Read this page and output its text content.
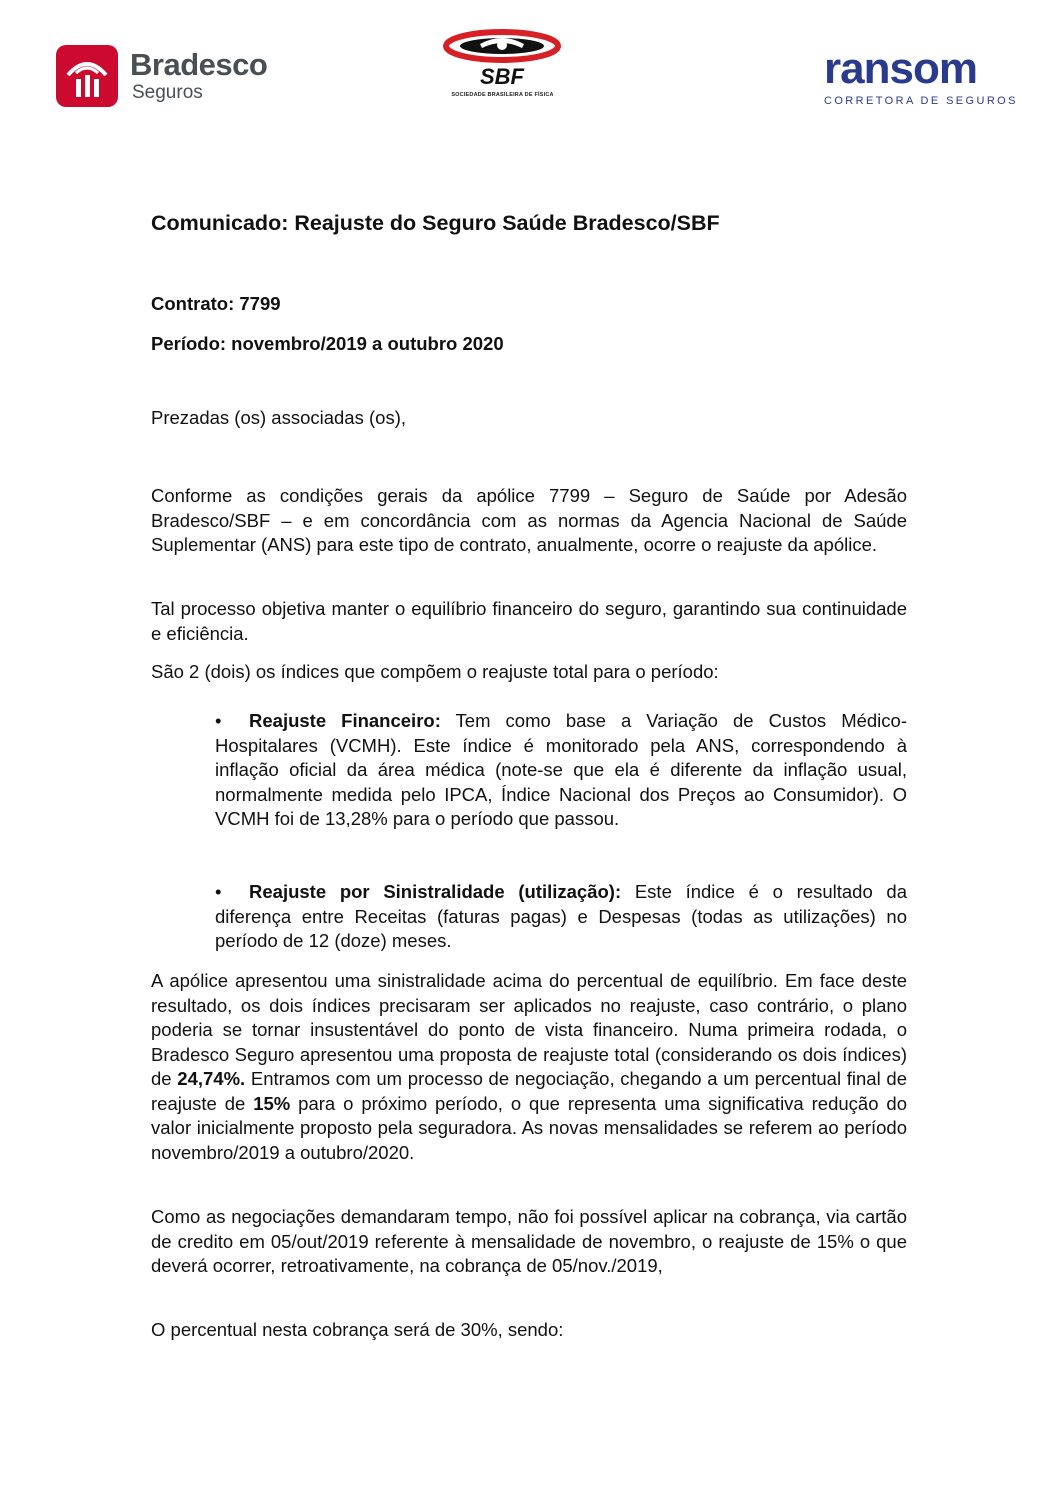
Bradesco
Seguros
SBF
SOCIEDADE BRASILEIRA DE FÍSICA
ransom
CORRETORA DE SEGUROS
Comunicado: Reajuste do Seguro Saúde Bradesco/SBF
Contrato: 7799
Período: novembro/2019 a outubro 2020

Prezadas (os) associadas (os),

Conforme as condições gerais da apólice 7799 – Seguro de Saúde por Adesão Bradesco/SBF – e em concordância com as normas da Agencia Nacional de Saúde Suplementar (ANS) para este tipo de contrato, anualmente, ocorre o reajuste da apólice.

Tal processo objetiva manter o equilíbrio financeiro do seguro, garantindo sua continuidade e eficiência.

São 2 (dois) os índices que compõem o reajuste total para o período:

• Reajuste Financeiro: Tem como base a Variação de Custos Médico-Hospitalares (VCMH). Este índice é monitorado pela ANS, correspondendo à inflação oficial da área médica (note-se que ela é diferente da inflação usual, normalmente medida pelo IPCA, Índice Nacional dos Preços ao Consumidor). O VCMH foi de 13,28% para o período que passou.

• Reajuste por Sinistralidade (utilização): Este índice é o resultado da diferença entre Receitas (faturas pagas) e Despesas (todas as utilizações) no período de 12 (doze) meses.

A apólice apresentou uma sinistralidade acima do percentual de equilíbrio. Em face deste resultado, os dois índices precisaram ser aplicados no reajuste, caso contrário, o plano poderia se tornar insustentável do ponto de vista financeiro. Numa primeira rodada, o Bradesco Seguro apresentou uma proposta de reajuste total (considerando os dois índices) de 24,74%. Entramos com um processo de negociação, chegando a um percentual final de reajuste de 15% para o próximo período, o que representa uma significativa redução do valor inicialmente proposto pela seguradora. As novas mensalidades se referem ao período novembro/2019 a outubro/2020.

Como as negociações demandaram tempo, não foi possível aplicar na cobrança, via cartão de credito em 05/out/2019 referente à mensalidade de novembro, o reajuste de 15% o que deverá ocorrer, retroativamente, na cobrança de 05/nov./2019,

O percentual nesta cobrança será de 30%, sendo:
